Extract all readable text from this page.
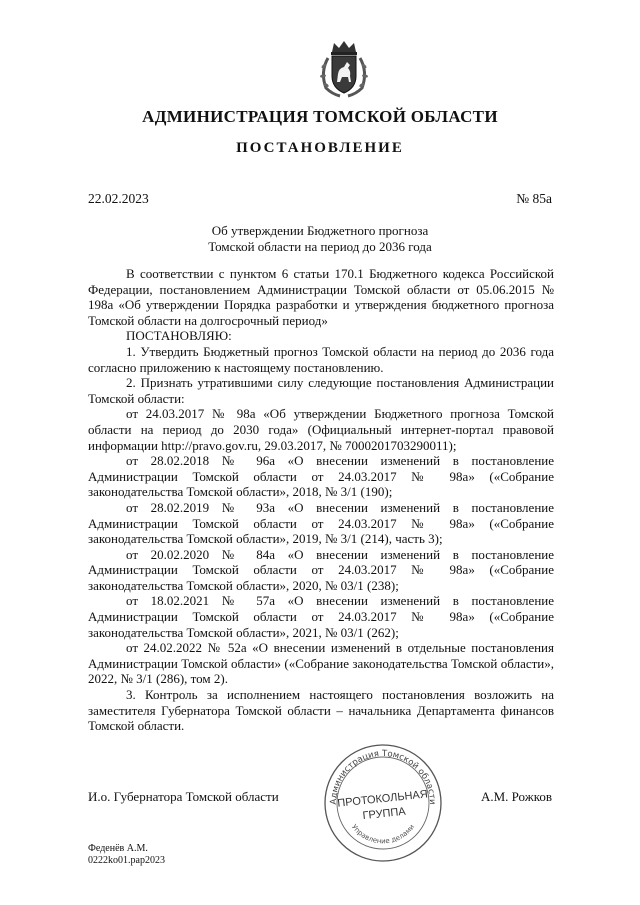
АДМИНИСТРАЦИЯ ТОМСКОЙ ОБЛАСТИ
ПОСТАНОВЛЕНИЕ
22.02.2023	№ 85а
Об утверждении Бюджетного прогноза
Томской области на период до 2036 года

В соответствии с пунктом 6 статьи 170.1 Бюджетного кодекса Российской Федерации, постановлением Администрации Томской области от 05.06.2015 № 198а «Об утверждении Порядка разработки и утверждения бюджетного прогноза Томской области на долгосрочный период»

ПОСТАНОВЛЯЮ:

1. Утвердить Бюджетный прогноз Томской области на период до 2036 года согласно приложению к настоящему постановлению.

2. Признать утратившими силу следующие постановления Администрации Томской области:

от 24.03.2017 № 98а «Об утверждении Бюджетного прогноза Томской области на период до 2030 года» (Официальный интернет-портал правовой информации http://pravo.gov.ru, 29.03.2017, № 7000201703290011);

от 28.02.2018 № 96а «О внесении изменений в постановление Администрации Томской области от 24.03.2017 № 98а» («Собрание законодательства Томской области», 2018, № 3/1 (190);

от 28.02.2019 № 93а «О внесении изменений в постановление Администрации Томской области от 24.03.2017 № 98а» («Собрание законодательства Томской области», 2019, № 3/1 (214), часть 3);

от 20.02.2020 № 84а «О внесении изменений в постановление Администрации Томской области от 24.03.2017 № 98а» («Собрание законодательства Томской области», 2020, № 03/1 (238);

от 18.02.2021 № 57а «О внесении изменений в постановление Администрации Томской области от 24.03.2017 № 98а» («Собрание законодательства Томской области», 2021, № 03/1 (262);

от 24.02.2022 № 52а «О внесении изменений в отдельные постановления Администрации Томской области» («Собрание законодательства Томской области», 2022, № 3/1 (286), том 2).

3. Контроль за исполнением настоящего постановления возложить на заместителя Губернатора Томской области – начальника Департамента финансов Томской области.

И.о. Губернатора Томской области	А.М. Рожков
Администрация Томской области
Управление делами
ПРОТОКОЛЬНАЯ
ГРУППА
Феденёв А.М.
0222ko01.pap2023
